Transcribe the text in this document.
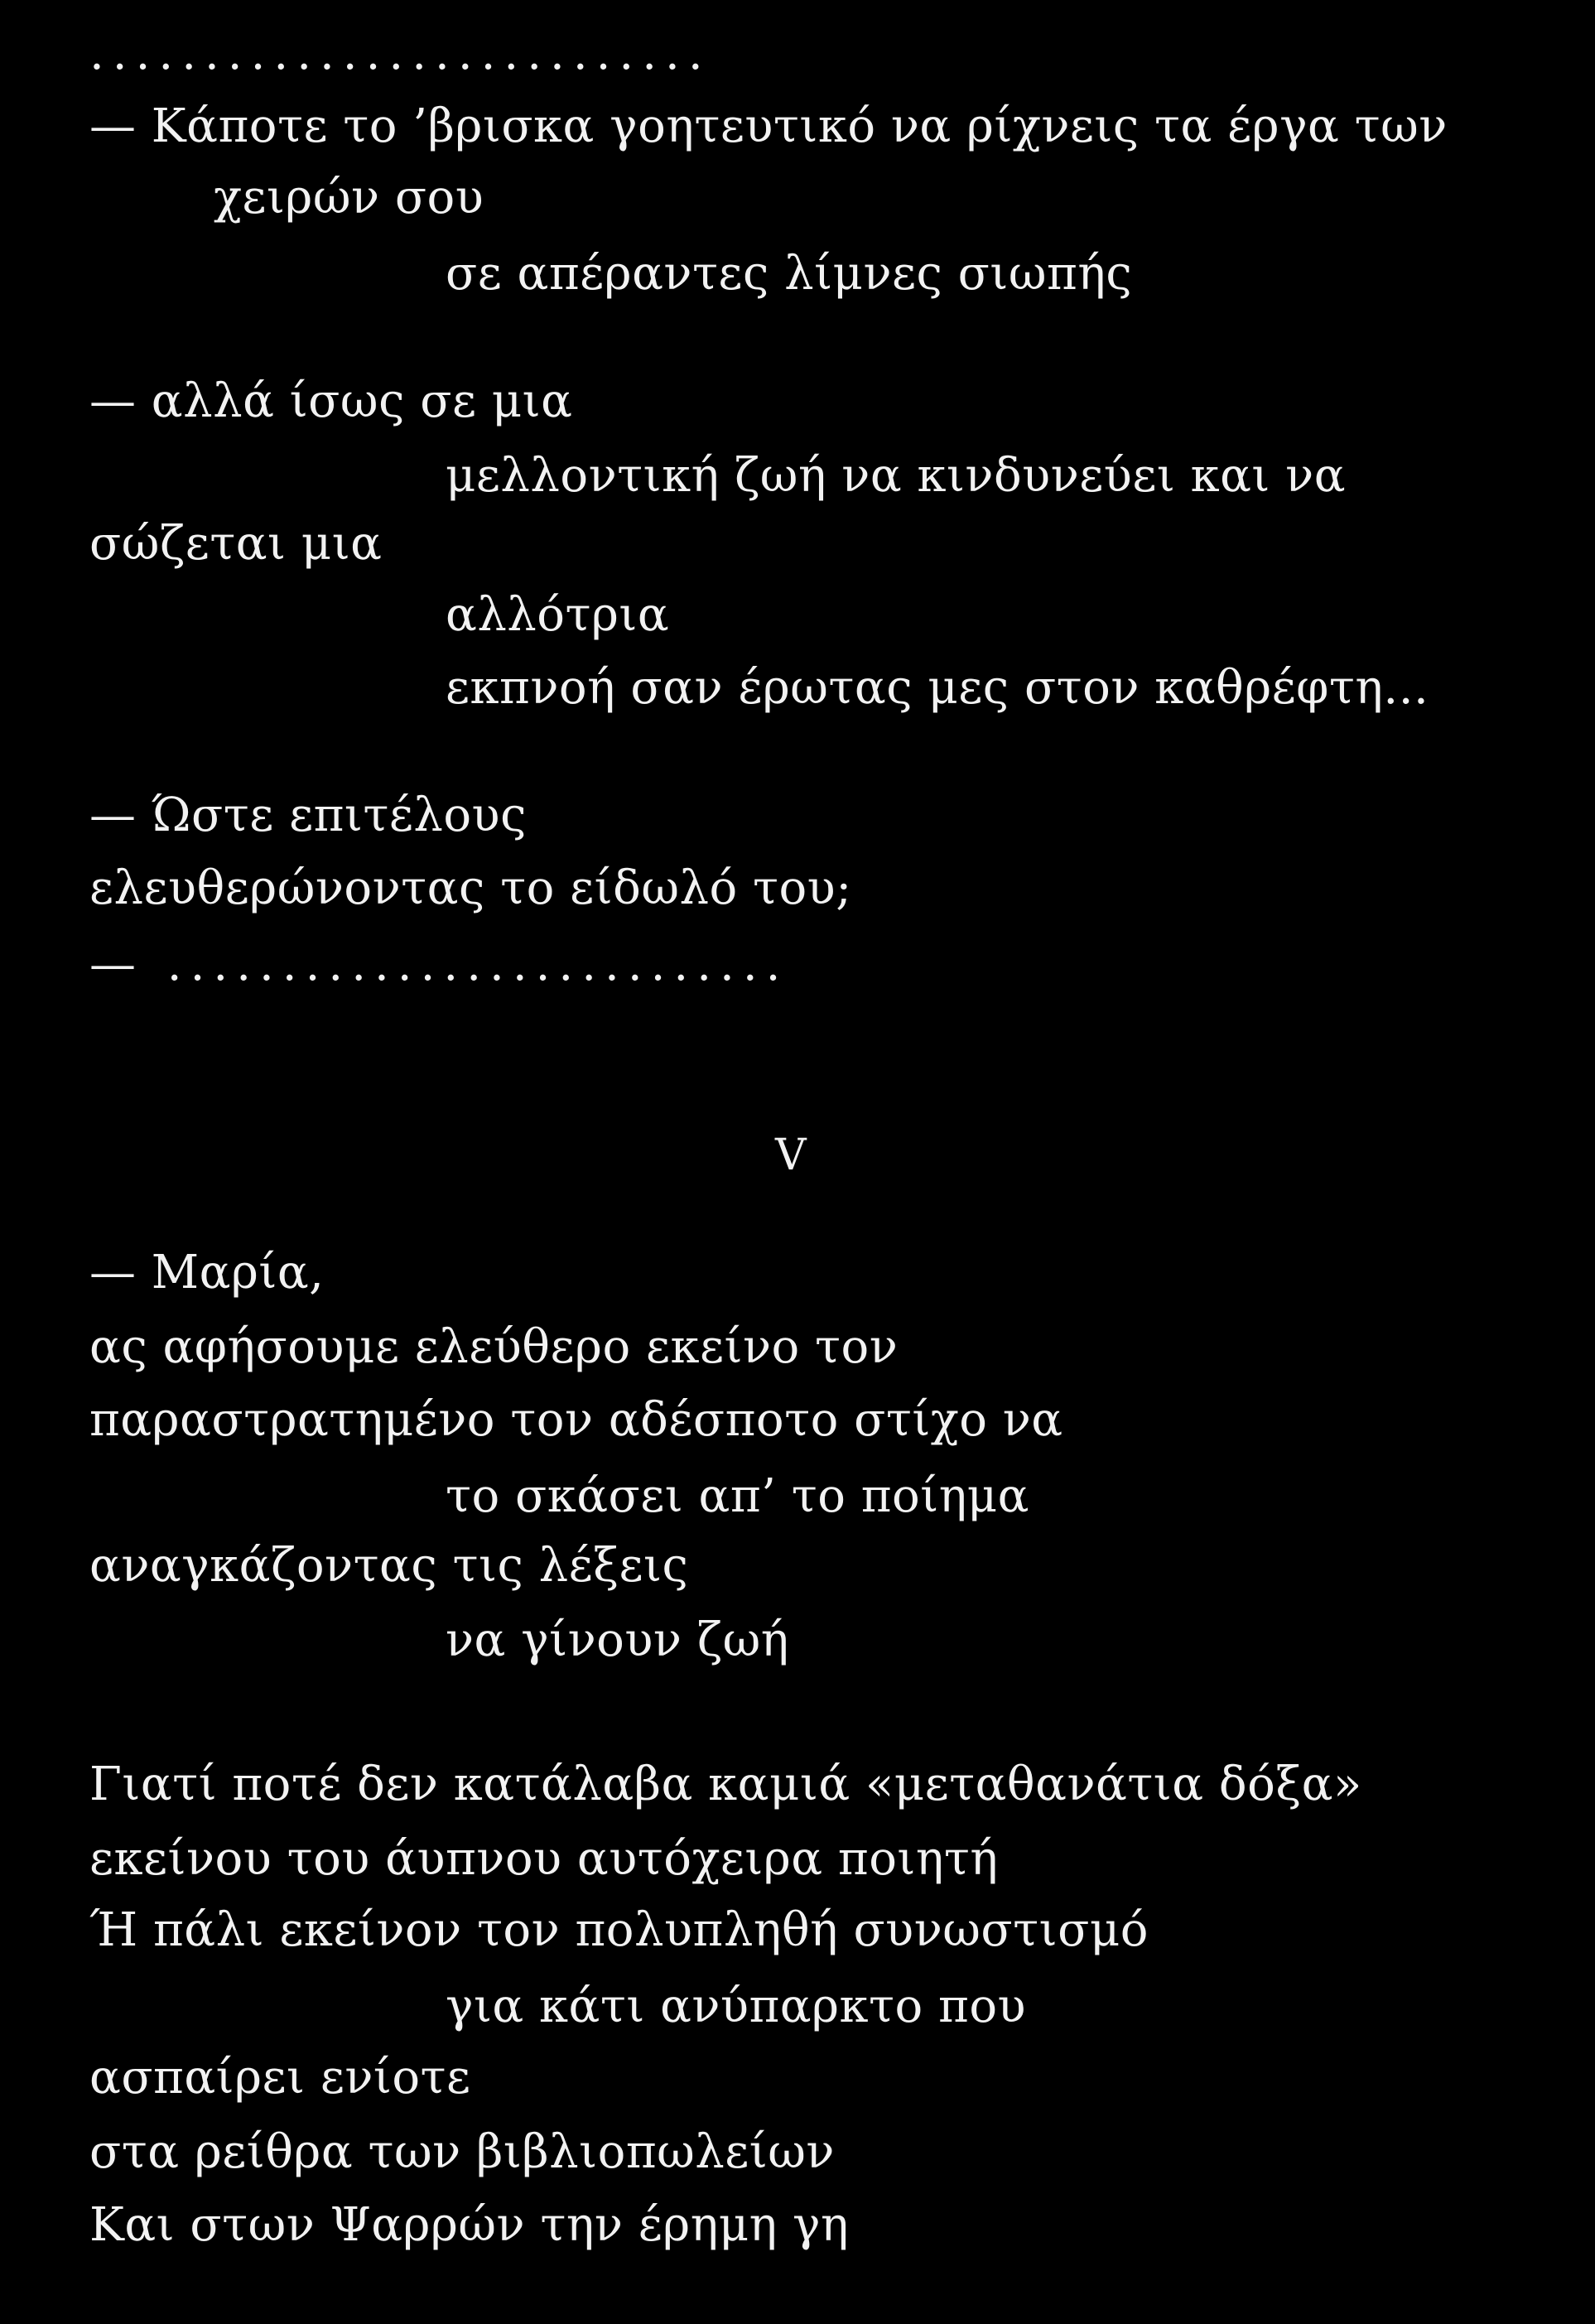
...........................
— Κάποτε το ’βρισκα γοητευτικό να ρίχνεις τα έργα των
χειρών σου
σε απέραντες λίμνες σιωπής
— αλλά ίσως σε μια
μελλοντική ζωή να κινδυνεύει και να
σώζεται μια
αλλότρια
εκπνοή σαν έρωτας μες στον καθρέφτη...
— Ώστε επιτέλους
ελευθερώνοντας το είδωλό του;
— ...........................
V
— Μαρία,
ας αφήσουμε ελεύθερο εκείνο τον
παραστρατημένο τον αδέσποτο στίχο να
το σκάσει απ’ το ποίημα
αναγκάζοντας τις λέξεις
να γίνουν ζωή
Γιατί ποτέ δεν κατάλαβα καμιά «μεταθανάτια δόξα»
εκείνου του άυπνου αυτόχειρα ποιητή
Ή πάλι εκείνον τον πολυπληθή συνωστισμό
για κάτι ανύπαρκτο που
ασπαίρει ενίοτε
στα ρείθρα των βιβλιοπωλείων
Και στων Ψαρρών την έρημη γη
